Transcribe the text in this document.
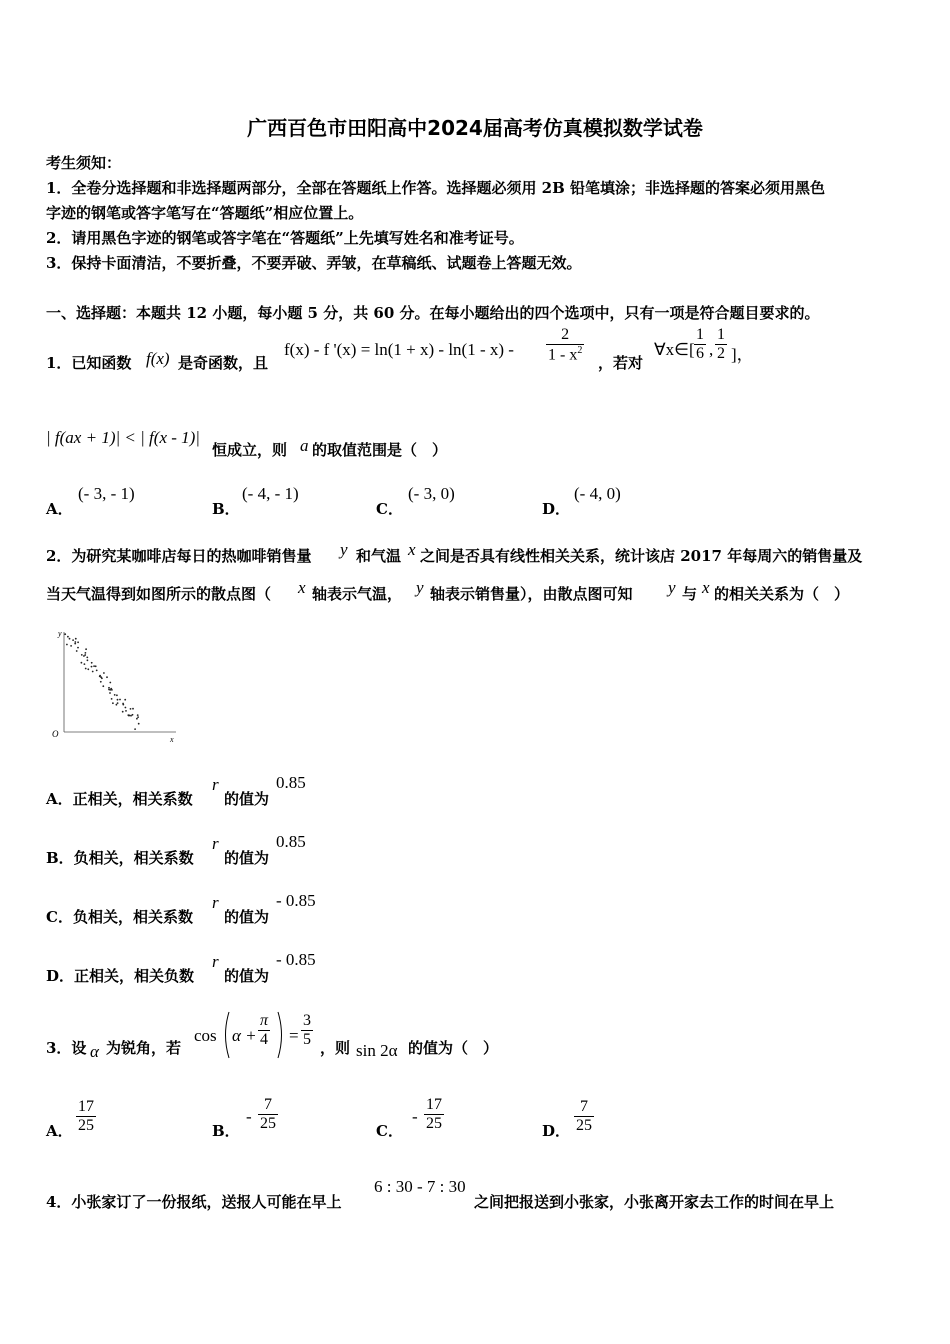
广西百色市田阳高中2024届高考仿真模拟数学试卷
考生须知：
1．全卷分选择题和非选择题两部分，全部在答题纸上作答。选择题必须用 2B 铅笔填涂；非选择题的答案必须用黑色
字迹的钢笔或答字笔写在“答题纸”相应位置上。
2．请用黑色字迹的钢笔或答字笔在“答题纸”上先填写姓名和准考证号。
3．保持卡面清洁，不要折叠，不要弄破、弄皱，在草稿纸、试题卷上答题无效。
一、选择题：本题共 12 小题，每小题 5 分，共 60 分。在每小题给出的四个选项中，只有一项是符合题目要求的。
1．已知函数 f(x) 是奇函数，且
f(x) - f '$(x) = \ln(1 + x) - \ln(1 - x) - \frac{2}{1 - x^2}$ ，若对
∀x∈[ $\frac{1}{6}$ , $\frac{1}{2}$ ]，
| f(ax + 1)| < | f(x - 1)|
恒成立，则 a 的取值范围是（　）
A．
(- 3, - 1)
B．
(- 4, - 1)
C．
(- 3, 0)
D．
(- 4, 0)
2．为研究某咖啡店每日的热咖啡销售量 y 和气温 x 之间是否具有线性相关关系，统计该店 2017 年每周六的销售量及
当天气温得到如图所示的散点图（ x 轴表示气温， y 轴表示销售量），由散点图可知 y 与 x 的相关关系为（　）
y
x
O
A．正相关，相关系数
r
的值为
0.85
B．负相关，相关系数
r
的值为
0.85
C．负相关，相关系数
r
的值为
- 0.85
D．正相关，相关负数
r
的值为
- 0.85
3．设 α 为锐角，若
$\cos \alpha + \frac{\pi}{4} = \frac{3}{5}$ ，则 sin 2α 的值为（　）
A． $\frac{17}{25}$	B．
- $\frac{7}{25}$	C．
- $\frac{17}{25}$	D． $\frac{7}{25}$
4．小张家订了一份报纸，送报人可能在早上
6 : 30 - 7 : 30
之间把报送到小张家，小张离开家去工作的时间在早上
